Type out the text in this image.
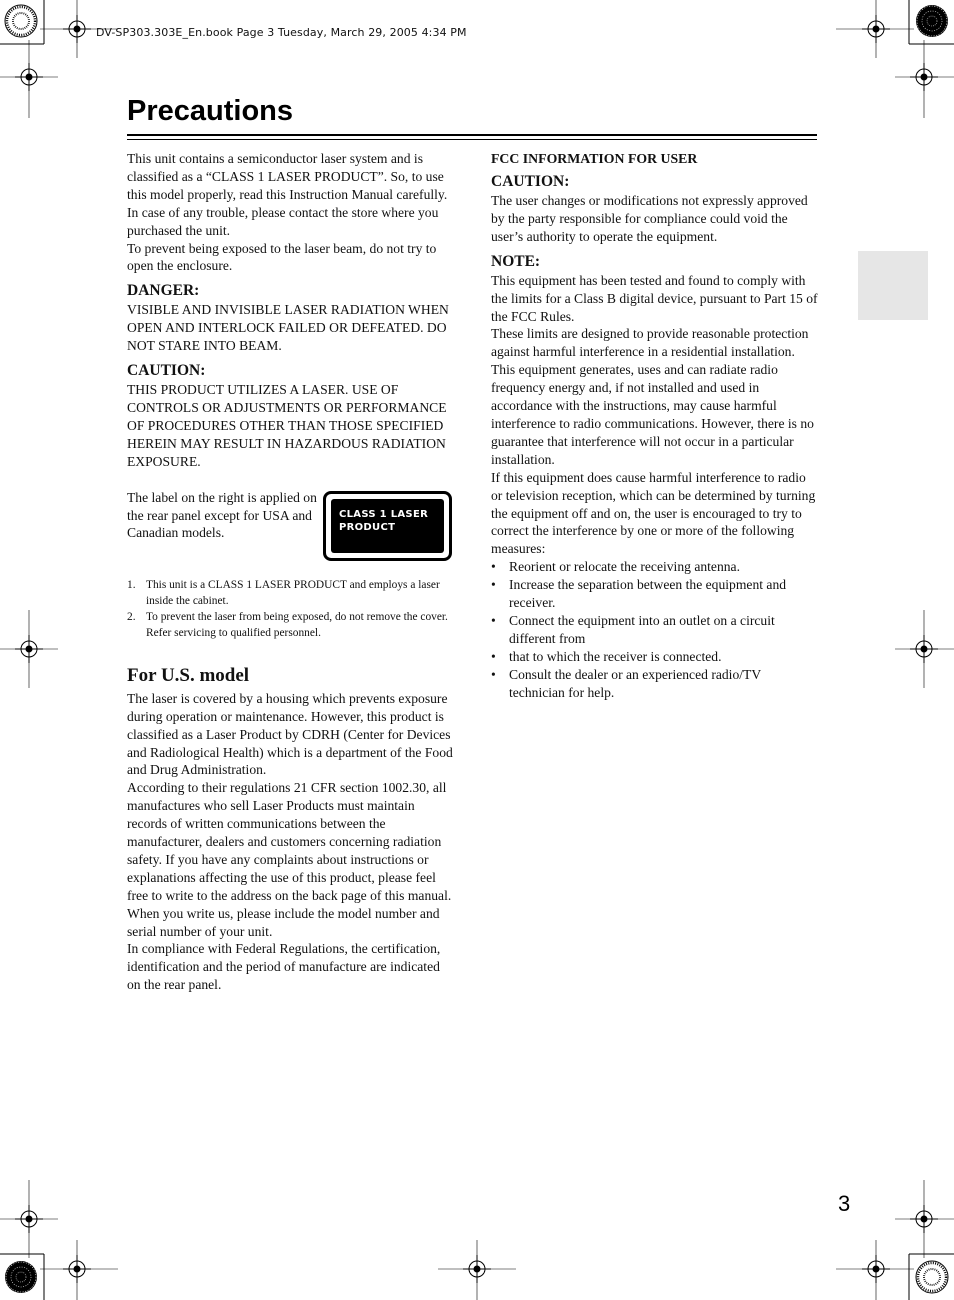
DV-SP303.303E_En.book Page 3 Tuesday, March 29, 2005 4:34 PM
Precautions

This unit contains a semiconductor laser system and is classified as a “CLASS 1 LASER PRODUCT”. So, to use this model properly, read this Instruction Manual carefully. In case of any trouble, please contact the store where you purchased the unit.

To prevent being exposed to the laser beam, do not try to open the enclosure.

DANGER:

VISIBLE AND INVISIBLE LASER RADIATION WHEN OPEN AND INTERLOCK FAILED OR DEFEATED. DO NOT STARE INTO BEAM.

CAUTION:

THIS PRODUCT UTILIZES A LASER. USE OF CONTROLS OR ADJUSTMENTS OR PERFORMANCE OF PROCEDURES OTHER THAN THOSE SPECIFIED HEREIN MAY RESULT IN HAZARDOUS RADIATION EXPOSURE.

The label on the right is applied on the rear panel except for USA and Canadian models.

CLASS 1 LASER
PRODUCT
1. This unit is a CLASS 1 LASER PRODUCT and employs a laser inside the cabinet.
2. To prevent the laser from being exposed, do not remove the cover. Refer servicing to qualified personnel.
For U.S. model

The laser is covered by a housing which prevents exposure during operation or maintenance. However, this product is classified as a Laser Product by CDRH (Center for Devices and Radiological Health) which is a department of the Food and Drug Administration.

According to their regulations 21 CFR section 1002.30, all manufactures who sell Laser Products must maintain records of written communications between the manufacturer, dealers and customers concerning radiation safety. If you have any complaints about instructions or explanations affecting the use of this product, please feel free to write to the address on the back page of this manual. When you write us, please include the model number and serial number of your unit.

In compliance with Federal Regulations, the certification, identification and the period of manufacture are indicated on the rear panel.

FCC INFORMATION FOR USER
CAUTION:

The user changes or modifications not expressly approved by the party responsible for compliance could void the user’s authority to operate the equipment.

NOTE:

This equipment has been tested and found to comply with the limits for a Class B digital device, pursuant to Part 15 of the FCC Rules.

These limits are designed to provide reasonable protection against harmful interference in a residential installation. This equipment generates, uses and can radiate radio frequency energy and, if not installed and used in accordance with the instructions, may cause harmful interference to radio communications. However, there is no guarantee that interference will not occur in a particular installation.

If this equipment does cause harmful interference to radio or television reception, which can be determined by turning the equipment off and on, the user is encouraged to try to correct the interference by one or more of the following measures:

• Reorient or relocate the receiving antenna.
• Increase the separation between the equipment and receiver.
• Connect the equipment into an outlet on a circuit different from
• that to which the receiver is connected.
• Consult the dealer or an experienced radio/TV technician for help.
3
